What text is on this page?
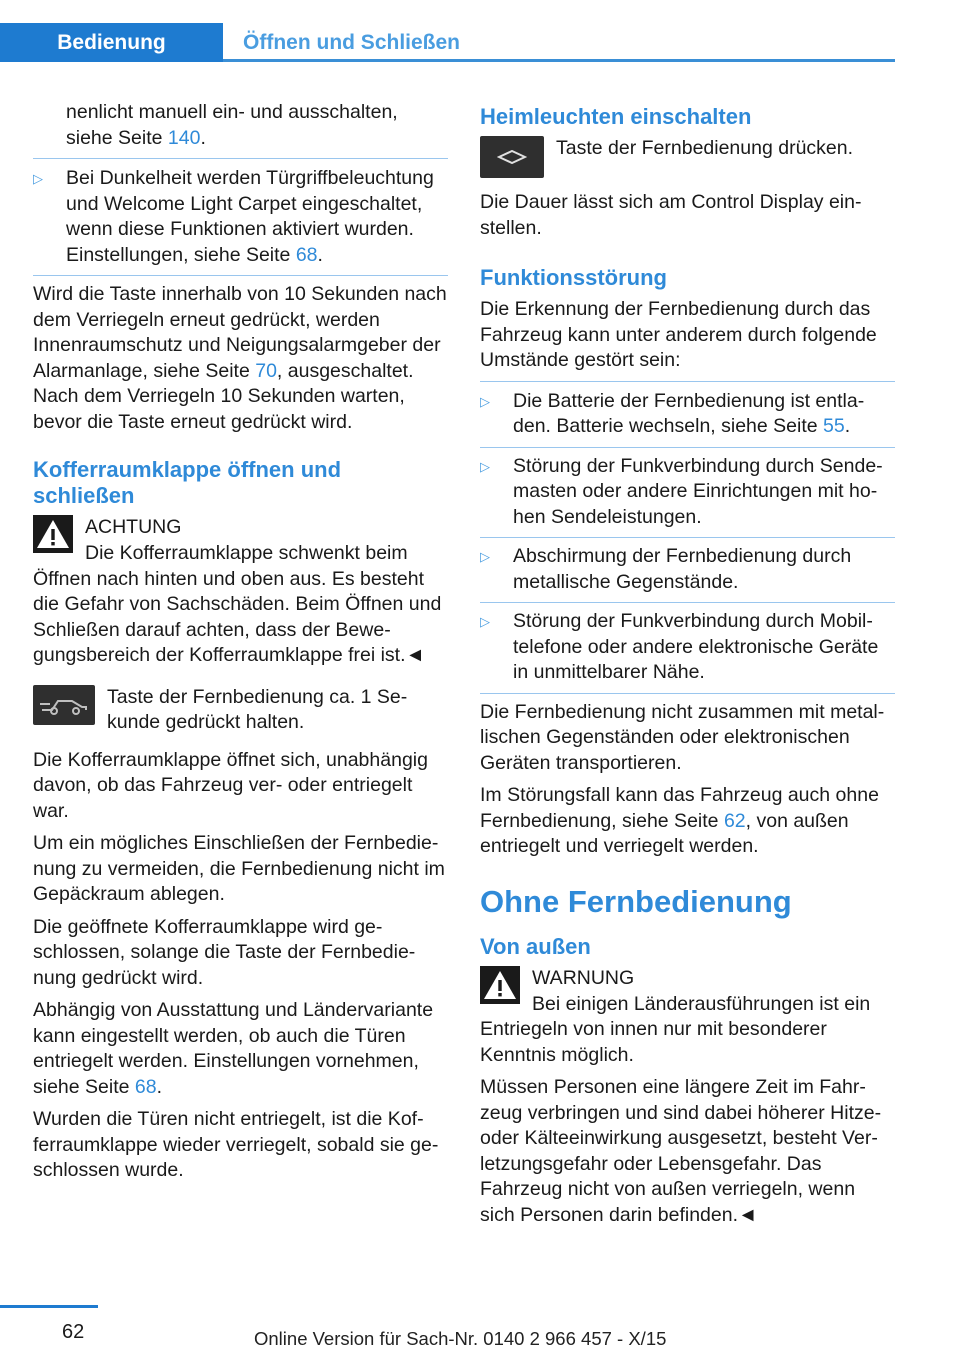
Bedienung	Öffnen und Schließen

nenlicht manuell ein- und ausschalten, siehe Seite 140.

▷	Bei Dunkelheit werden Türgriffbeleuchtung und Welcome Light Carpet eingeschaltet, wenn diese Funktionen aktiviert wurden. Einstellungen, siehe Seite 68.

Wird die Taste innerhalb von 10 Sekunden nach dem Verriegeln erneut gedrückt, werden Innenraumschutz und Neigungsalarmgeber der Alarmanlage, siehe Seite 70, ausgeschaltet. Nach dem Verriegeln 10 Sekunden warten, bevor die Taste erneut gedrückt wird.

Kofferraumklappe öffnen und schließen
ACHTUNG

Die Kofferraumklappe schwenkt beim Öffnen nach hinten und oben aus. Es besteht die Gefahr von Sachschäden. Beim Öffnen und Schließen darauf achten, dass der Bewegungsbereich der Kofferraumklappe frei ist.◄

Taste der Fernbedienung ca. 1 Sekunde gedrückt halten.

Die Kofferraumklappe öffnet sich, unabhängig davon, ob das Fahrzeug ver- oder entriegelt war.

Um ein mögliches Einschließen der Fernbedienung zu vermeiden, die Fernbedienung nicht im Gepäckraum ablegen.

Die geöffnete Kofferraumklappe wird geschlossen, solange die Taste der Fernbedienung gedrückt wird.

Abhängig von Ausstattung und Ländervariante kann eingestellt werden, ob auch die Türen entriegelt werden. Einstellungen vornehmen, siehe Seite 68.

Wurden die Türen nicht entriegelt, ist die Kofferraumklappe wieder verriegelt, sobald sie geschlossen wurde.

Heimleuchten einschalten
Taste der Fernbedienung drücken.

Die Dauer lässt sich am Control Display einstellen.

Funktionsstörung

Die Erkennung der Fernbedienung durch das Fahrzeug kann unter anderem durch folgende Umstände gestört sein:

▷	Die Batterie der Fernbedienung ist entladen. Batterie wechseln, siehe Seite 55.
▷	Störung der Funkverbindung durch Sendemasten oder andere Einrichtungen mit hohen Sendeleistungen.
▷	Abschirmung der Fernbedienung durch metallische Gegenstände.
▷	Störung der Funkverbindung durch Mobiltelefone oder andere elektronische Geräte in unmittelbarer Nähe.

Die Fernbedienung nicht zusammen mit metallischen Gegenständen oder elektronischen Geräten transportieren.

Im Störungsfall kann das Fahrzeug auch ohne Fernbedienung, siehe Seite 62, von außen entriegelt und verriegelt werden.

Ohne Fernbedienung
Von außen
WARNUNG

Bei einigen Länderausführungen ist ein Entriegeln von innen nur mit besonderer Kenntnis möglich.

Müssen Personen eine längere Zeit im Fahrzeug verbringen und sind dabei höherer Hitze- oder Kälteeinwirkung ausgesetzt, besteht Verletzungsgefahr oder Lebensgefahr. Das Fahrzeug nicht von außen verriegeln, wenn sich Personen darin befinden.◄

62	Online Version für Sach-Nr. 0140 2 966 457 - X/15
